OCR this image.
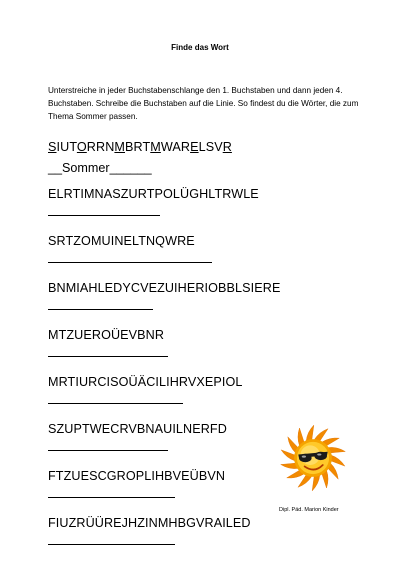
Finde das Wort
Unterstreiche in jeder Buchstabenschlange den 1. Buchstaben und dann jeden 4. Buchstaben. Schreibe die Buchstaben auf die Linie. So findest du die Wörter, die zum Thema Sommer passen.
SIUTORRNMBRTMWARELSVR
__Sommer______
ELRTIMNASZURTPOLÜGHLTRWLE
SRTZOMUINELTNQWRE
BNMIAHLEDYCVEZUIHERIOBBLSIERE
MTZUEROÜEVBNR
MRTIURCISOÜÄCILIHRVXEPIOL
SZUPTWECRVBNAUILNERFD
FTZUESCGROPLIHBVEÜBVN
FIUZRÜÜREJHZINMHBGVRAILED
Dipl. Päd. Marion Kinder
